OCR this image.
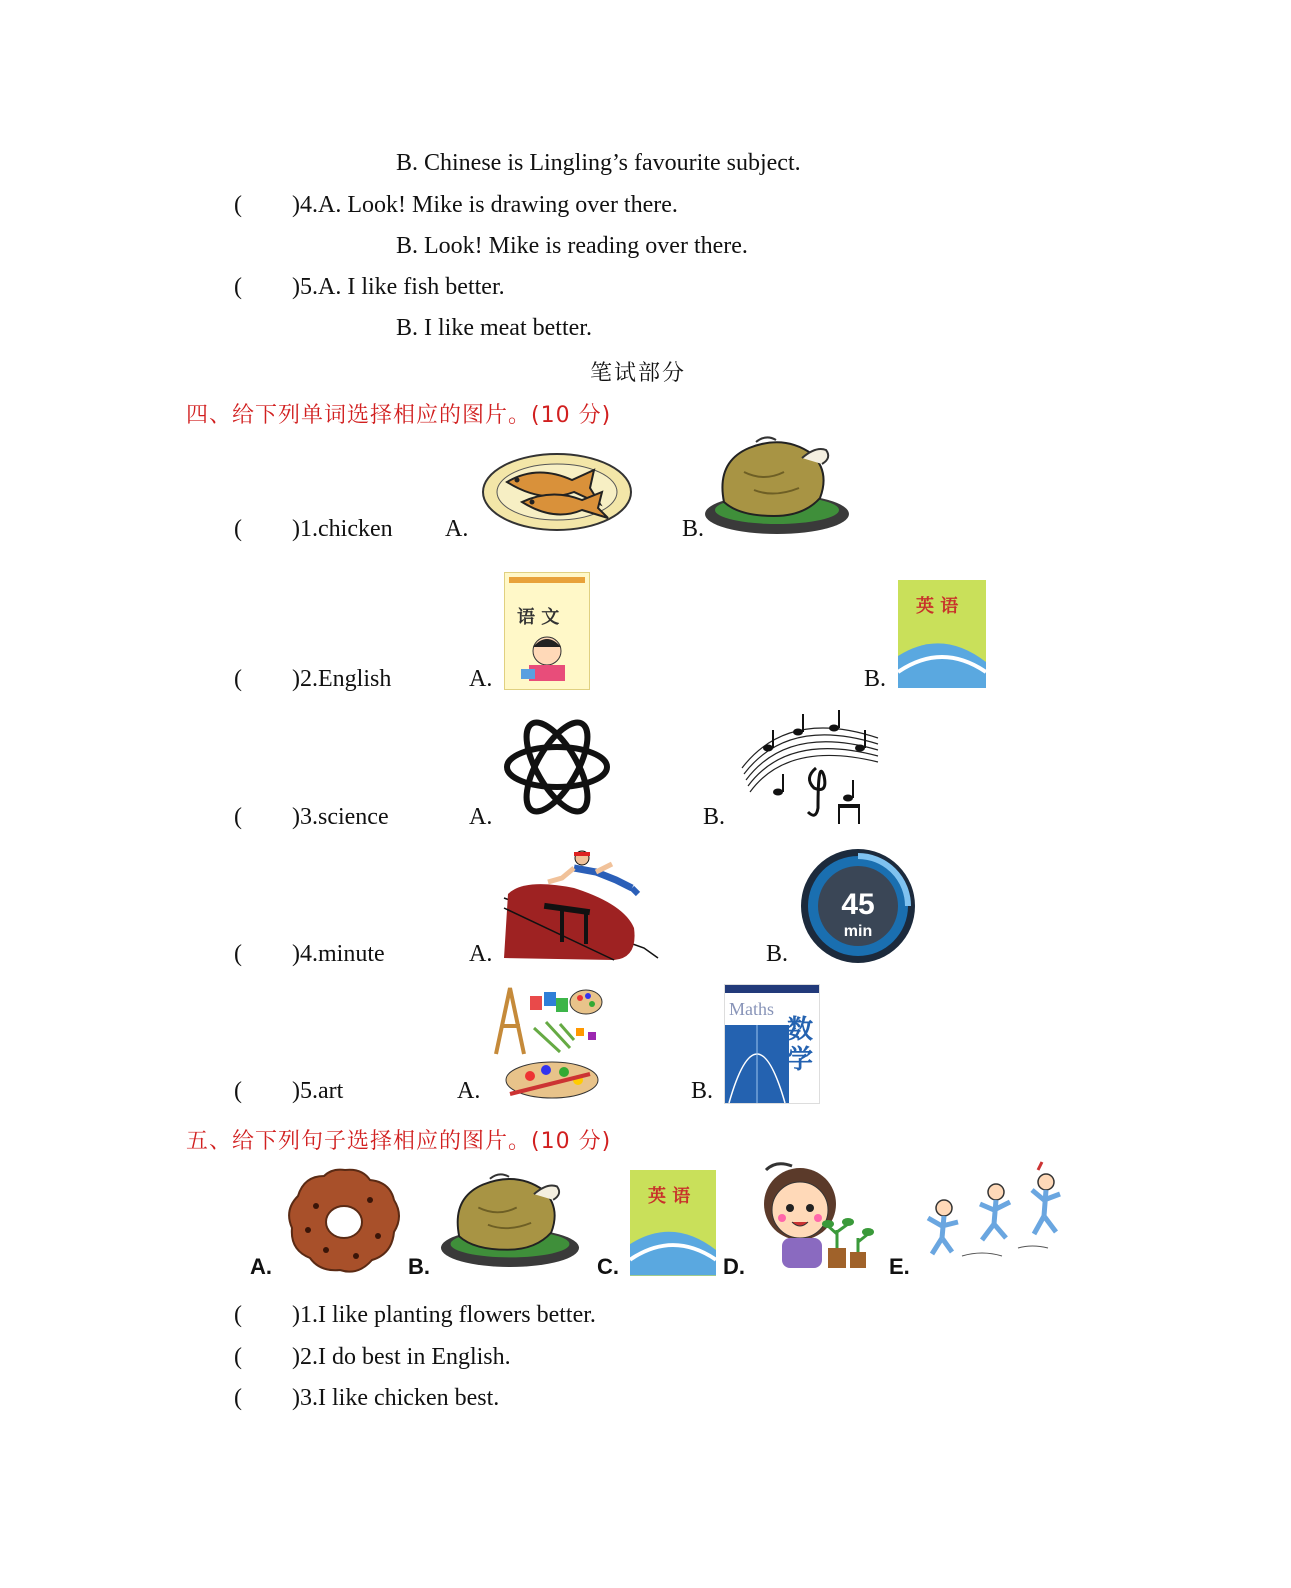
B. Chinese is Lingling’s favourite subject.
( )4.A. Look! Mike is drawing over there.
B. Look! Mike is reading over there.
( )5.A. I like fish better.
B. I like meat better.
笔试部分
四、给下列单词选择相应的图片。(10 分)
( )1.chicken A.	B.
( )2.English	A.	B.
语 文
英 语
( )3.science	A.	B.
( )4.minute	A.	B.
45
min
( )5.art	A.	B.
Maths
数学
五、给下列句子选择相应的图片。(10 分)
A.	B.
英 语
C.	D.	E.
( )1.I like planting flowers better.
( )2.I do best in English.
( )3.I like chicken best.
